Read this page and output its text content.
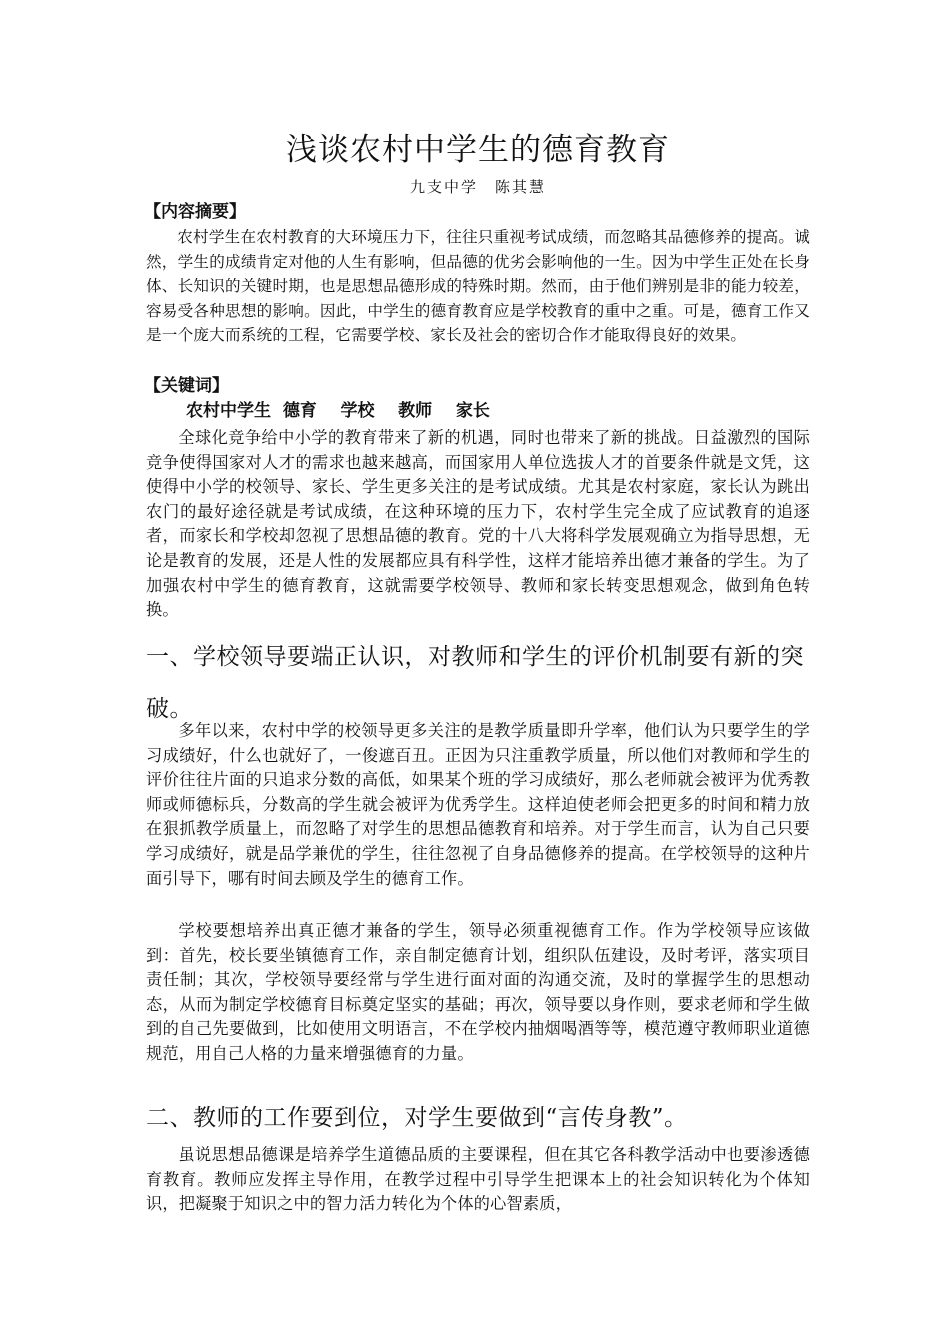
浅谈农村中学生的德育教育
九支中学　陈其慧
【内容摘要】

农村学生在农村教育的大环境压力下，往往只重视考试成绩，而忽略其品德修养的提高。诚然，学生的成绩肯定对他的人生有影响，但品德的优劣会影响他的一生。因为中学生正处在长身体、长知识的关键时期，也是思想品德形成的特殊时期。然而，由于他们辨别是非的能力较差，容易受各种思想的影响。因此，中学生的德育教育应是学校教育的重中之重。可是，德育工作又是一个庞大而系统的工程，它需要学校、家长及社会的密切合作才能取得良好的效果。

【关键词】
农村中学生  德育    学校    教师    家长

全球化竞争给中小学的教育带来了新的机遇，同时也带来了新的挑战。日益激烈的国际竞争使得国家对人才的需求也越来越高，而国家用人单位选拔人才的首要条件就是文凭，这使得中小学的校领导、家长、学生更多关注的是考试成绩。尤其是农村家庭，家长认为跳出农门的最好途径就是考试成绩，在这种环境的压力下，农村学生完全成了应试教育的追逐者，而家长和学校却忽视了思想品德的教育。党的十八大将科学发展观确立为指导思想，无论是教育的发展，还是人性的发展都应具有科学性，这样才能培养出德才兼备的学生。为了加强农村中学生的德育教育，这就需要学校领导、教师和家长转变思想观念，做到角色转换。

一、学校领导要端正认识，对教师和学生的评价机制要有新的突破。

多年以来，农村中学的校领导更多关注的是教学质量即升学率，他们认为只要学生的学习成绩好，什么也就好了，一俊遮百丑。正因为只注重教学质量，所以他们对教师和学生的评价往往片面的只追求分数的高低，如果某个班的学习成绩好，那么老师就会被评为优秀教师或师德标兵，分数高的学生就会被评为优秀学生。这样迫使老师会把更多的时间和精力放在狠抓教学质量上，而忽略了对学生的思想品德教育和培养。对于学生而言，认为自己只要学习成绩好，就是品学兼优的学生，往往忽视了自身品德修养的提高。在学校领导的这种片面引导下，哪有时间去顾及学生的德育工作。

学校要想培养出真正德才兼备的学生，领导必须重视德育工作。作为学校领导应该做到：首先，校长要坐镇德育工作，亲自制定德育计划，组织队伍建设，及时考评，落实项目责任制；其次，学校领导要经常与学生进行面对面的沟通交流，及时的掌握学生的思想动态，从而为制定学校德育目标奠定坚实的基础；再次，领导要以身作则，要求老师和学生做到的自己先要做到，比如使用文明语言，不在学校内抽烟喝酒等等，模范遵守教师职业道德规范，用自己人格的力量来增强德育的力量。

二、教师的工作要到位，对学生要做到“言传身教”。

虽说思想品德课是培养学生道德品质的主要课程，但在其它各科教学活动中也要渗透德育教育。教师应发挥主导作用，在教学过程中引导学生把课本上的社会知识转化为个体知识，把凝聚于知识之中的智力活力转化为个体的心智素质，
